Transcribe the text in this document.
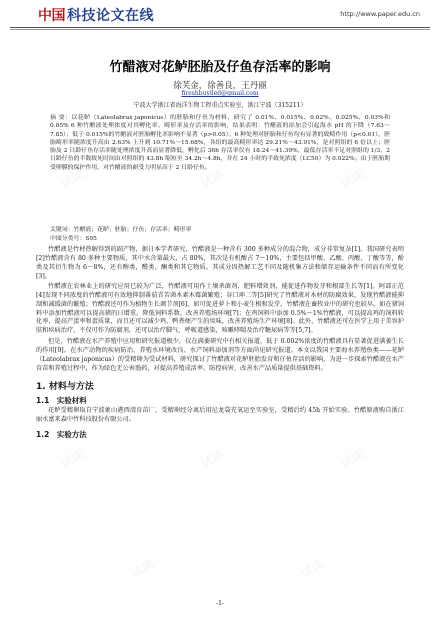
中国 科技论文在线	http://www.paper.edu.cn
竹醋液对花鲈胚胎及仔鱼存活率的影响
徐芙金，徐善良，王丹丽
fireshbuyiled@gmail.com
宁波大学浙江省海洋生物工程重点实验室，浙江宁波（315211）
摘 要：以花鲈（Lateolabrax japonicus）的胚胎和仔鱼为材料，研究了 0.01%、0.015%、0.02%、0.025%、0.03%和 0.05% 6 种竹醋液处理浓度对其孵化率、畸形率及存活率的影响，结果表明：竹醋液的添加会引起海水 pH 的下降（7.63～7.85）；低于 0.015%的竹醋液对胚胎孵化率影响不显著（p>0.05）；6 种处理对胚胎和仔鱼均有显著的致畸作用（p<0.01），胚胎畸形率随浓度升高由 2.63% 上升到 10.71%～15.68%，各组的最高畸形率达 29.21%～43.91%，是对照组的 6 倍以上；胚胎及 2 日龄仔鱼存活率随处理浓度升高而显著降低，孵化后 36h 存活率仅有 18.24～41.39%，最低存活率不足对照组的 1/3，2 日龄仔鱼的半数致死时间由对照组的 43.8h 缩短至 34.2h～4.8h，并在 24 小时的半致死浓度（LC50）为 0.022%；由于胚胎期受卵膜的保护作用，对竹醋液的耐受力明显高于 2 日龄仔鱼。
关键词：竹醋液；花鲈；胚胎；仔鱼；存活率；畸形率
中图分类号：S95
竹醋液是竹材热解得到的副产物，据日本学者研究，竹醋液是一种含有 300 多种成分的混合物，成分非常复杂[1]。我国研究表明[2]竹醋液含有 80 多种主要物质，其中水含量最大，占 80%，其次是有机酸占 7～10%，主要包括甲酸、乙酸、丙酸、丁酸等等，酚类及其衍生物为 6～8%，还有醇类，醛类，酮类和其它物质。其成分因热解工艺不同及随机集方法和储存运输条件不同而有所变化[3]。
竹醋液在农林业上的研究应用已较为广泛，竹醋液可用作土壤杀菌剂、肥料增效剂，能促进作物发芽和根部生长等[1]。阿部正范[4]发现不同浓度的竹醋液可有效地抑制番茄青苦菌木素木霉菌繁殖；谷口坤二等[5]研究了竹醋液对木材的防腐效果，发现竹醋液能抑制和减缓菌的繁殖；竹醋液还可作为植物生长调节剂[6]，如可促进萝卜和小麦生根和发芽。竹醋液在畜牧业中的研究也较早，如在猪饲料中添加竹醋液可以提高猪的日增重，降低饲料系数，改善养殖场环境[7]；在鸡饲料中添加 0.5%～1%竹醋液，可以提高鸡的饲料转化率，提高产蛋率和蛋质量，而且还可以减少鸡、鸭粪便产生的臭味，改善养殖场生产环境[8]。此外，竹醋液还可在医学上用于美容护肤和疾病治疗，不仅可作为防腐剂，还可以治疗脚气、呼吸道感染，咳嗽哮喘及治疗糖尿病等等[5,7]。
但是，竹醋液在水产养殖中应用和研究报道极少，仅在满萎研究中有相关报道，低于 0.002%浓度的竹醋液具有显著促进满萎生长的作用[9]。在水产动物的疾病防治、养殖水环境改良、水产饲料添加剂等方面尚见研究报道。本文以我国主要海水养殖鱼类——花鲈（Lateolabrax japonicus）的受精卵为受试材料，研究探讨了竹醋液对花鲈胚胎发育和仔鱼存活的影响，为进一步探索竹醋液在水产育苗和养殖过程中，作为绿色无公害渔药，对提高养殖成活率、防控病害，改善水产品质量提供基础资料。
1. 材料与方法
1.1　实验材料
花鲈受精卵取自宁波象山港西湾育苗厂，受精卵经分离后用尼龙袋充氧运至实验室，受精后约 45h 开始实验。竹醋原液购自浙江丽水富来森中竹科技股份有限公司。
1.2　实验方法
-1-
试读	试读	试读
试读	试读	试读
试读	试读	试读
试读	试读
